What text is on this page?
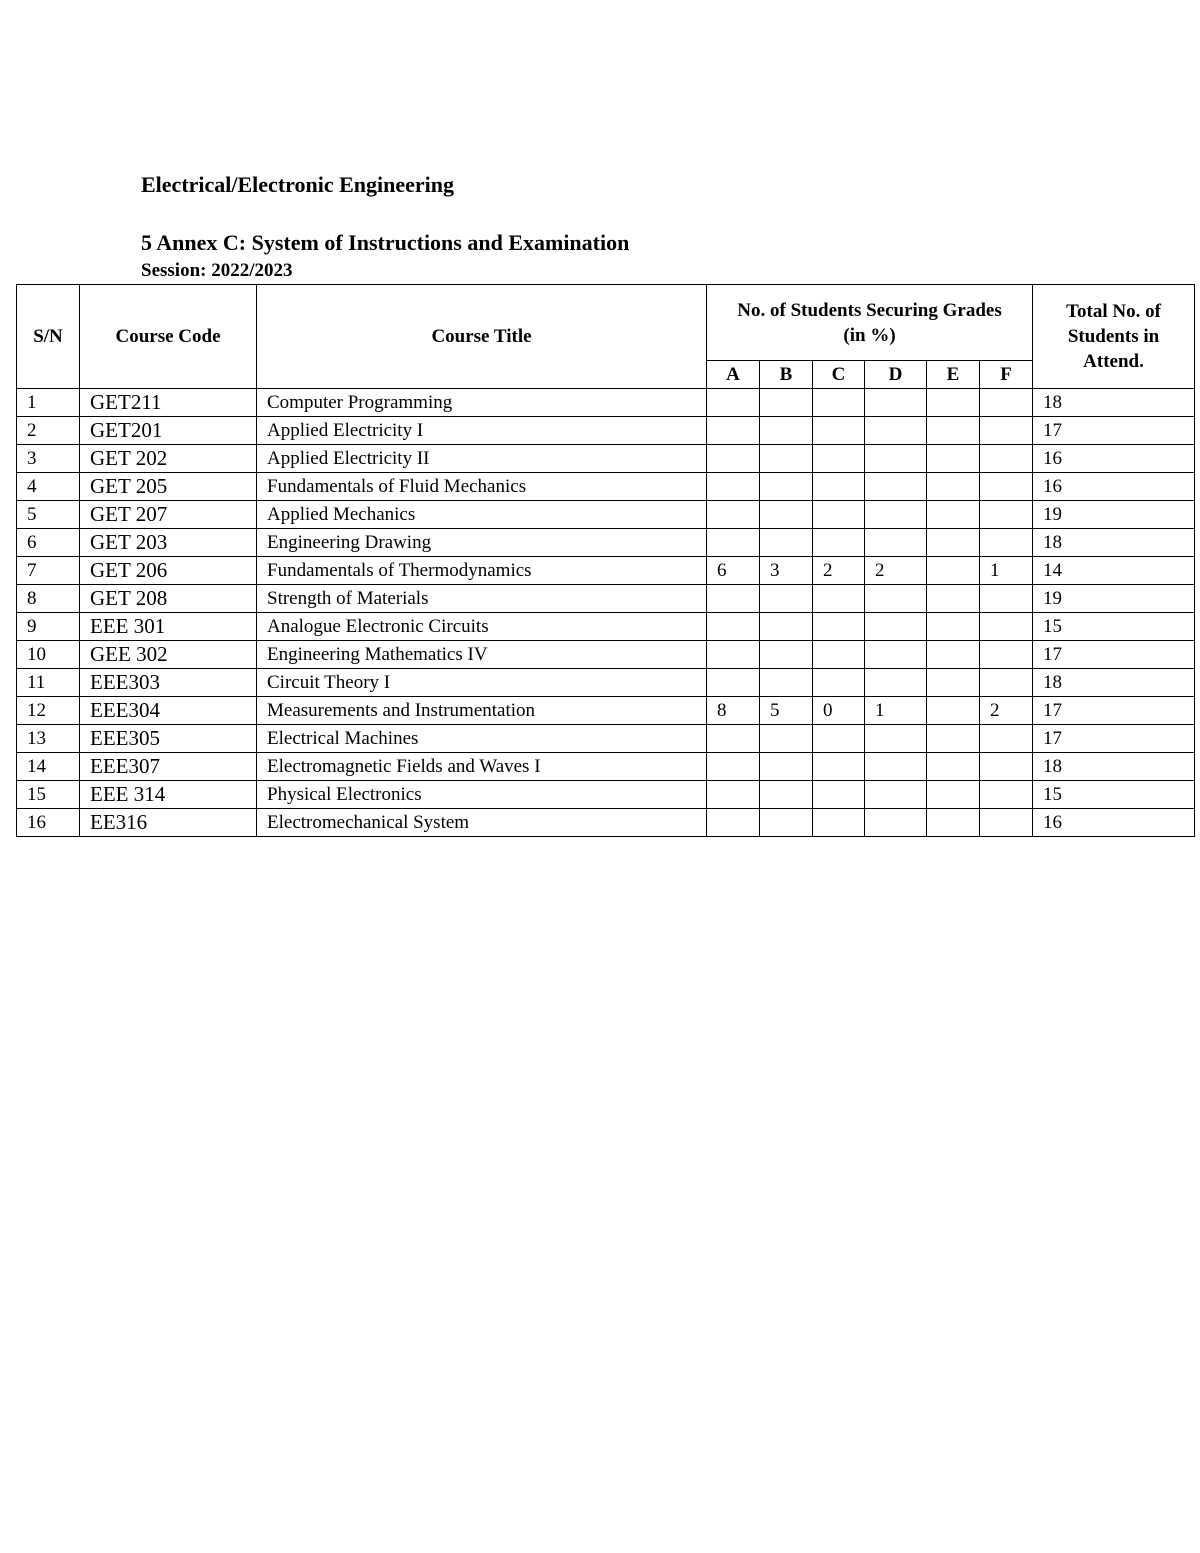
Electrical/Electronic Engineering
5 Annex C: System of Instructions and Examination
Session: 2022/2023
S/N	Course Code	Course Title	No. of Students Securing Grades (in %)						Total No. of Students in Attend.
			A	B	C	D	E	F	
1	GET211	Computer Programming							18
2	GET201	Applied Electricity I							17
3	GET 202	Applied Electricity II							16
4	GET 205	Fundamentals of Fluid Mechanics							16
5	GET 207	Applied Mechanics							19
6	GET 203	Engineering Drawing							18
7	GET 206	Fundamentals of Thermodynamics	6	3	2	2		1	14
8	GET 208	Strength of Materials							19
9	EEE 301	Analogue Electronic Circuits							15
10	GEE 302	Engineering Mathematics IV							17
11	EEE303	Circuit Theory I							18
12	EEE304	Measurements and Instrumentation	8	5	0	1		2	17
13	EEE305	Electrical Machines							17
14	EEE307	Electromagnetic Fields and Waves I							18
15	EEE 314	Physical Electronics							15
16	EE316	Electromechanical System							16
